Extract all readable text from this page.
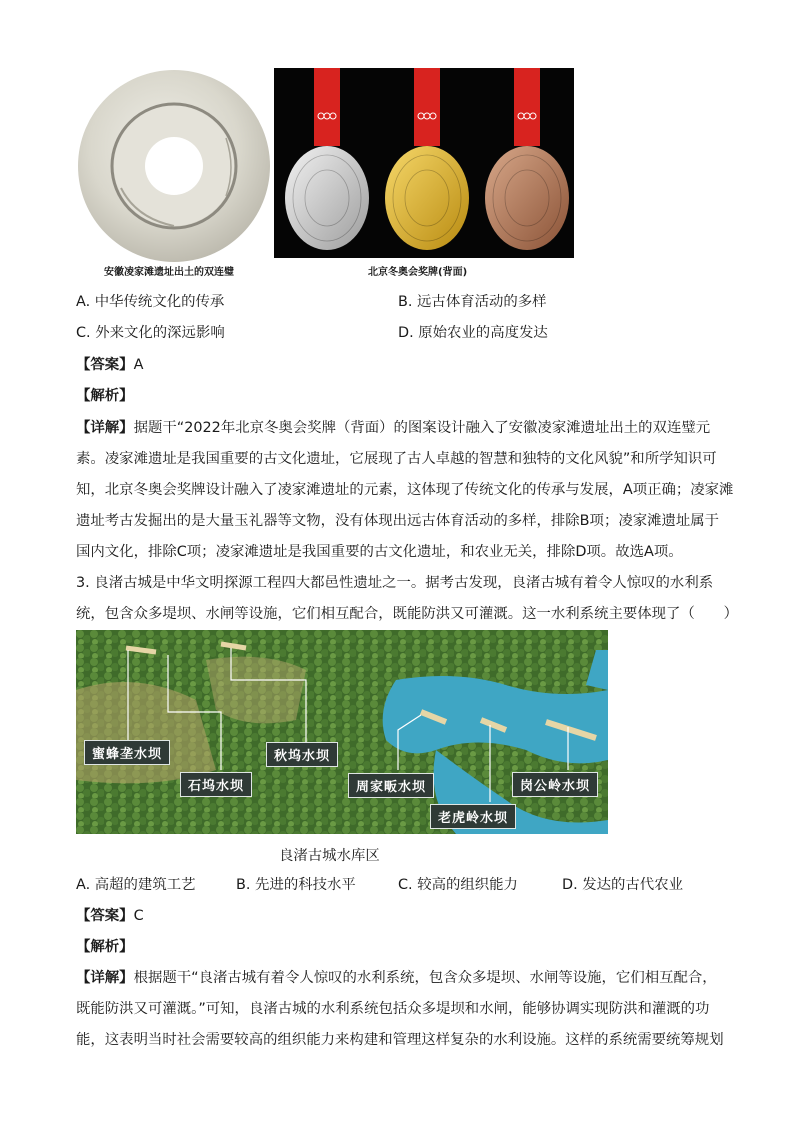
安徽凌家滩遗址出土的双连璧	北京冬奥会奖牌(背面)
A. 中华传统文化的传承	B. 远古体育活动的多样
C. 外来文化的深远影响	D. 原始农业的高度发达
【答案】A
【解析】
【详解】据题干“2022年北京冬奥会奖牌（背面）的图案设计融入了安徽凌家滩遗址出土的双连璧元
素。凌家滩遗址是我国重要的古文化遗址，它展现了古人卓越的智慧和独特的文化风貌”和所学知识可
知，北京冬奥会奖牌设计融入了凌家滩遗址的元素，这体现了传统文化的传承与发展，A项正确；凌家滩
遗址考古发掘出的是大量玉礼器等文物，没有体现出远古体育活动的多样，排除B项；凌家滩遗址属于
国内文化，排除C项；凌家滩遗址是我国重要的古文化遗址，和农业无关，排除D项。故选A项。
3. 良渚古城是中华文明探源工程四大都邑性遗址之一。据考古发现，良渚古城有着令人惊叹的水利系
统，包含众多堤坝、水闸等设施，它们相互配合，既能防洪又可灌溉。这一水利系统主要体现了（　　）
蜜蜂垄水坝	秋坞水坝
石坞水坝	周家畈水坝	岗公岭水坝
老虎岭水坝
良渚古城水库区
A. 高超的建筑工艺	B. 先进的科技水平	C. 较高的组织能力	D. 发达的古代农业
【答案】C
【解析】
【详解】根据题干“良渚古城有着令人惊叹的水利系统，包含众多堤坝、水闸等设施，它们相互配合，
既能防洪又可灌溉。”可知，良渚古城的水利系统包括众多堤坝和水闸，能够协调实现防洪和灌溉的功
能，这表明当时社会需要较高的组织能力来构建和管理这样复杂的水利设施。这样的系统需要统筹规划
